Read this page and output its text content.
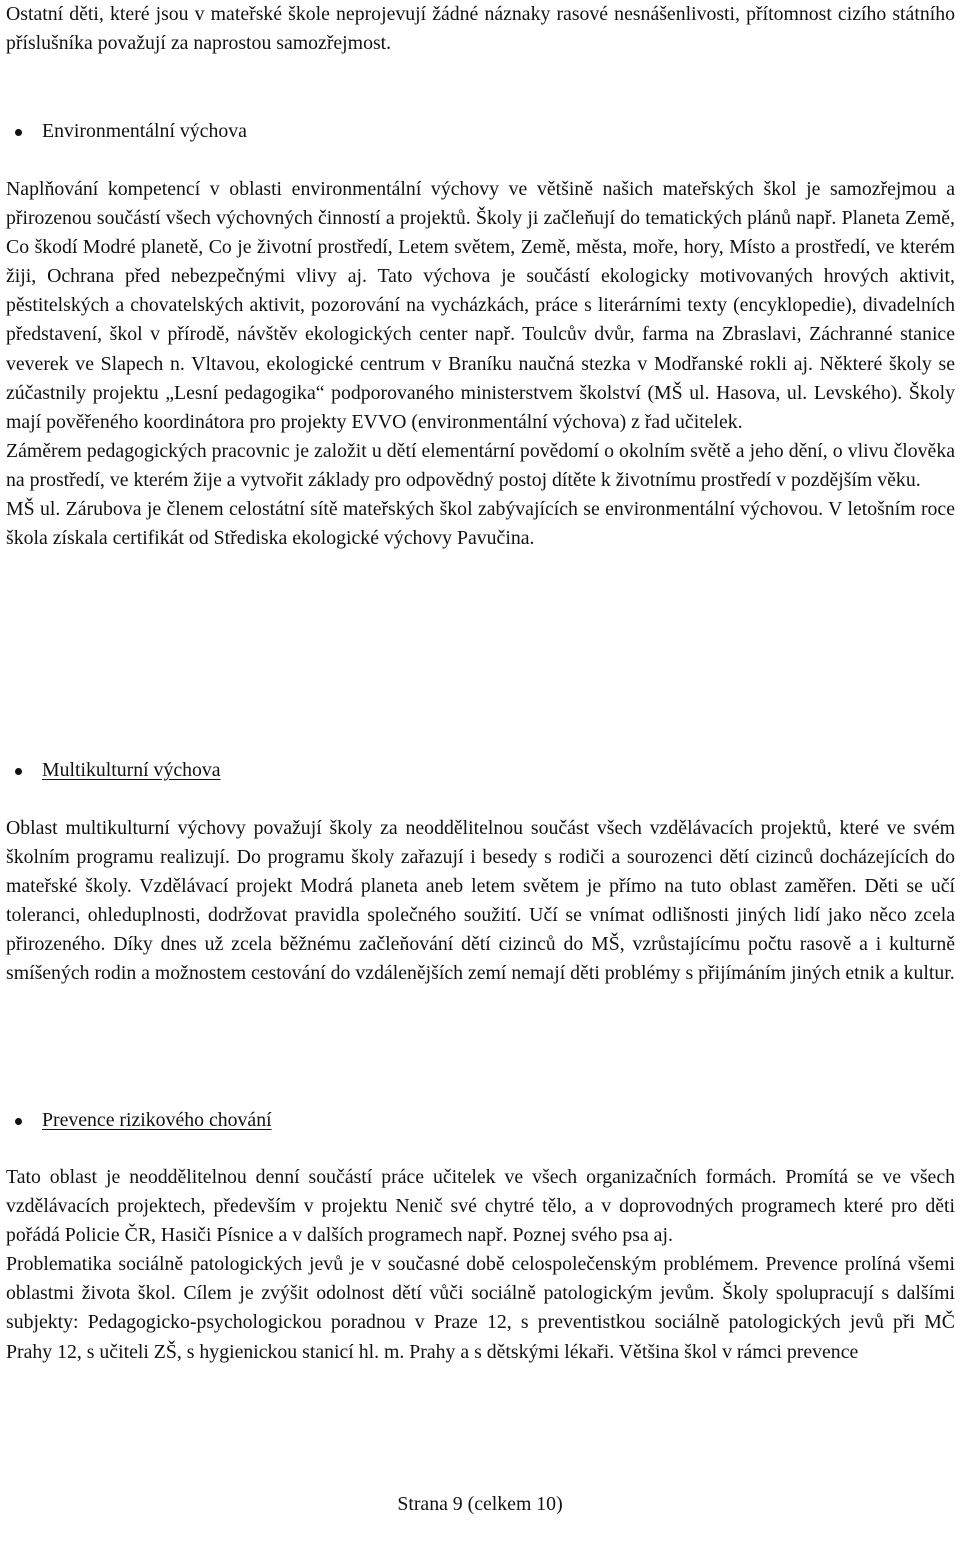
Ostatní děti, které jsou v mateřské škole neprojevují žádné náznaky rasové nesnášenlivosti, přítomnost cizího státního příslušníka považují za naprostou samozřejmost.

Environmentální výchova

Naplňování kompetencí v oblasti environmentální výchovy ve většině našich mateřských škol je samozřejmou a přirozenou součástí všech výchovných činností a projektů. Školy ji začleňují do tematických plánů např. Planeta Země, Co škodí Modré planetě, Co je životní prostředí, Letem světem, Země, města, moře, hory, Místo a prostředí, ve kterém žiji, Ochrana před nebezpečnými vlivy aj. Tato výchova je součástí ekologicky motivovaných hrových aktivit, pěstitelských a chovatelských aktivit, pozorování na vycházkách, práce s literárními texty (encyklopedie), divadelních představení, škol v přírodě, návštěv ekologických center např. Toulcův dvůr, farma na Zbraslavi, Záchranné stanice veverek ve Slapech n. Vltavou, ekologické centrum v Braníku naučná stezka v Modřanské rokli aj. Některé školy se zúčastnily projektu „Lesní pedagogika“ podporovaného ministerstvem školství (MŠ ul. Hasova, ul. Levského). Školy mají pověřeného koordinátora pro projekty EVVO (environmentální výchova) z řad učitelek.

Záměrem pedagogických pracovnic je založit u dětí elementární povědomí o okolním světě a jeho dění, o vlivu člověka na prostředí, ve kterém žije a vytvořit základy pro odpovědný postoj dítěte k životnímu prostředí v pozdějším věku.

MŠ ul. Zárubova je členem celostátní sítě mateřských škol zabývajících se environmentální výchovou. V letošním roce škola získala certifikát od Střediska ekologické výchovy Pavučina.

Multikulturní výchova

Oblast multikulturní výchovy považují školy za neoddělitelnou součást všech vzdělávacích projektů, které ve svém školním programu realizují. Do programu školy zařazují i besedy s rodiči a sourozenci dětí cizinců docházejících do mateřské školy. Vzdělávací projekt Modrá planeta aneb letem světem je přímo na tuto oblast zaměřen. Děti se učí toleranci, ohleduplnosti, dodržovat pravidla společného soužití. Učí se vnímat odlišnosti jiných lidí jako něco zcela přirozeného. Díky dnes už zcela běžnému začleňování dětí cizinců do MŠ, vzrůstajícímu počtu rasově a i kulturně smíšených rodin a možnostem cestování do vzdálenějších zemí nemají děti problémy s přijímáním jiných etnik a kultur.

Prevence rizikového chování

Tato oblast je neoddělitelnou denní součástí práce učitelek ve všech organizačních formách. Promítá se ve všech vzdělávacích projektech, především v projektu Nenič své chytré tělo, a v doprovodných programech které pro děti pořádá Policie ČR, Hasiči Písnice a v dalších programech např. Poznej svého psa aj.

Problematika sociálně patologických jevů je v současné době celospolečenským problémem. Prevence prolíná všemi oblastmi života škol. Cílem je zvýšit odolnost dětí vůči sociálně patologickým jevům. Školy spolupracují s dalšími subjekty: Pedagogicko-psychologickou poradnou v Praze 12, s preventistkou sociálně patologických jevů při MČ Prahy 12, s učiteli ZŠ, s hygienickou stanicí hl. m. Prahy a s dětskými lékaři. Většina škol v rámci prevence

Strana 9 (celkem 10)
